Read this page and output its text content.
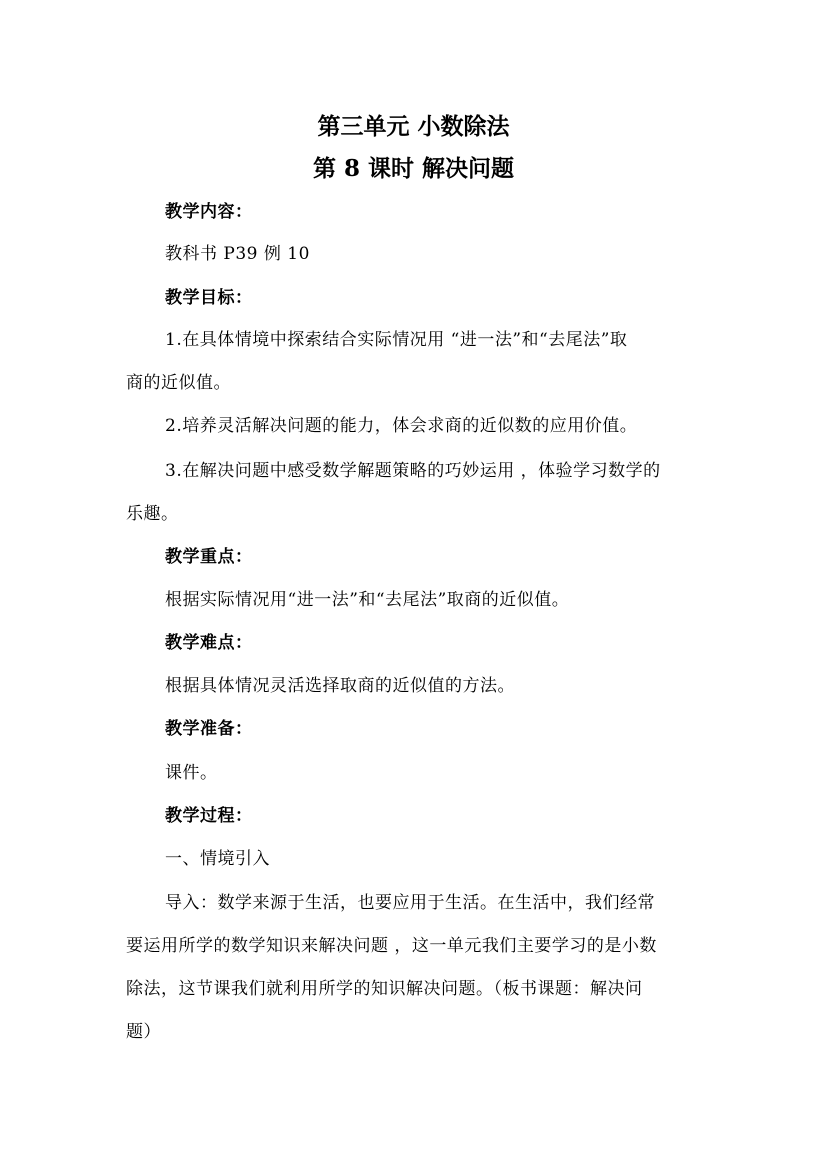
第三单元 小数除法
第 8 课时 解决问题
教学内容：
教科书 P39 例 10
教学目标：
1.在具体情境中探索结合实际情况用 “进一法”和“去尾法”取
商的近似值。
2.培养灵活解决问题的能力，体会求商的近似数的应用价值。
3.在解决问题中感受数学解题策略的巧妙运用 ，体验学习数学的
乐趣。
教学重点：
根据实际情况用“进一法”和“去尾法”取商的近似值。
教学难点：
根据具体情况灵活选择取商的近似值的方法。
教学准备：
课件。
教学过程：
一、情境引入
导入：数学来源于生活，也要应用于生活。在生活中，我们经常
要运用所学的数学知识来解决问题 ，这一单元我们主要学习的是小数
除法，这节课我们就利用所学的知识解决问题。（板书课题：解决问
题）
